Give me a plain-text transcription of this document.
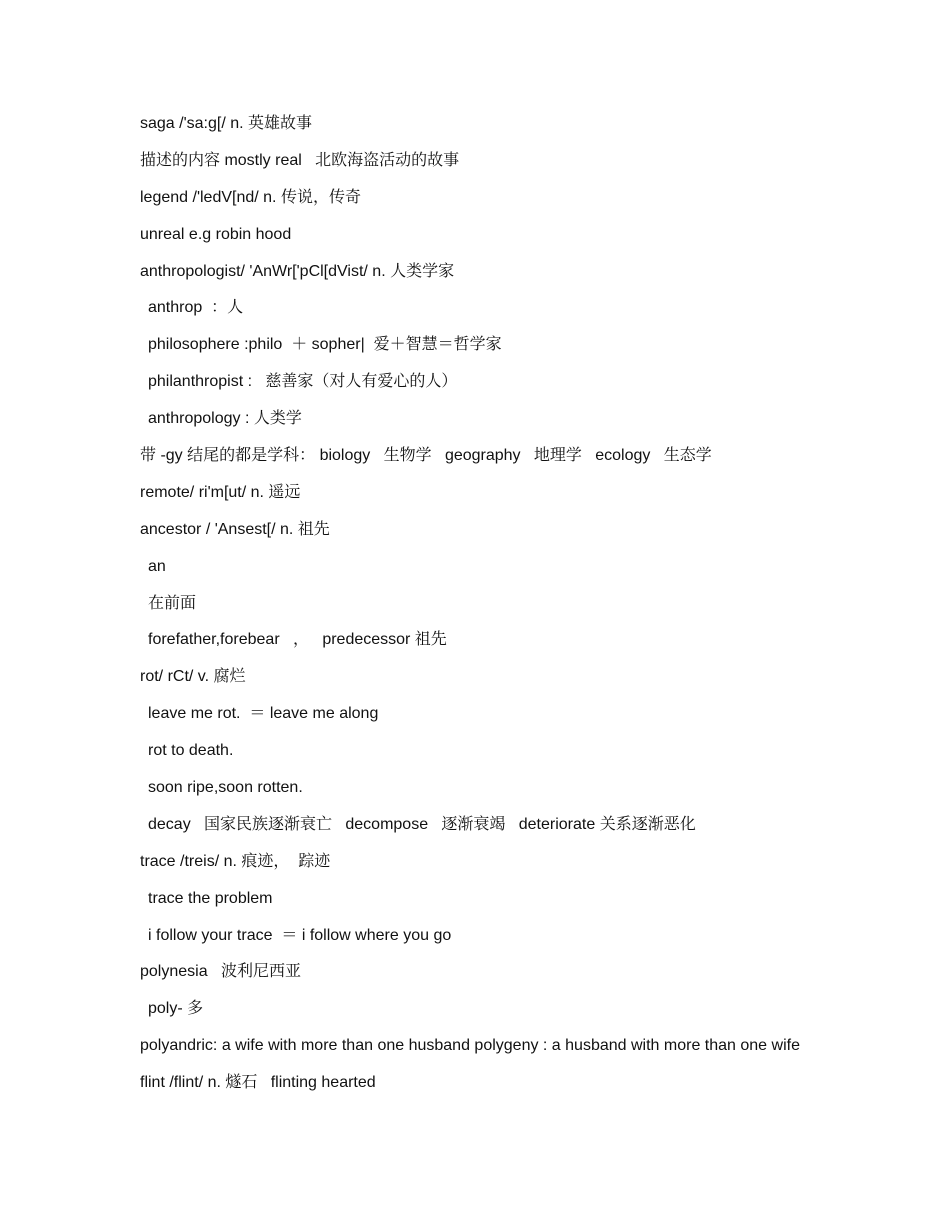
saga /'sa:g[/ n. 英雄故事
描述的内容 mostly real   北欧海盗活动的故事
legend /'ledV[nd/ n. 传说，传奇
unreal e.g robin hood
anthropologist/ 'AnWr['pCl[dVist/ n. 人类学家
anthrop  ：人
philosophere :philo  ＋ sopher|  爱＋智慧＝哲学家
philanthropist :   慈善家（对人有爱心的人）
anthropology : 人类学
带 -gy 结尾的都是学科： biology   生物学   geography   地理学   ecology   生态学
remote/ ri'm[ut/ n. 遥远
ancestor / 'Ansest[/ n. 祖先
an
在前面
forefather,forebear   ，   predecessor 祖先
rot/ rCt/ v. 腐烂
leave me rot.  ＝ leave me along
rot to death.
soon ripe,soon rotten.
decay   国家民族逐渐衰亡   decompose   逐渐衰竭   deteriorate 关系逐渐恶化
trace /treis/ n. 痕迹，  踪迹
trace the problem
i follow your trace  ＝ i follow where you go
polynesia   波利尼西亚
poly- 多
polyandric: a wife with more than one husband polygeny : a husband with more than one wife
flint /flint/ n. 燧石   flinting hearted
